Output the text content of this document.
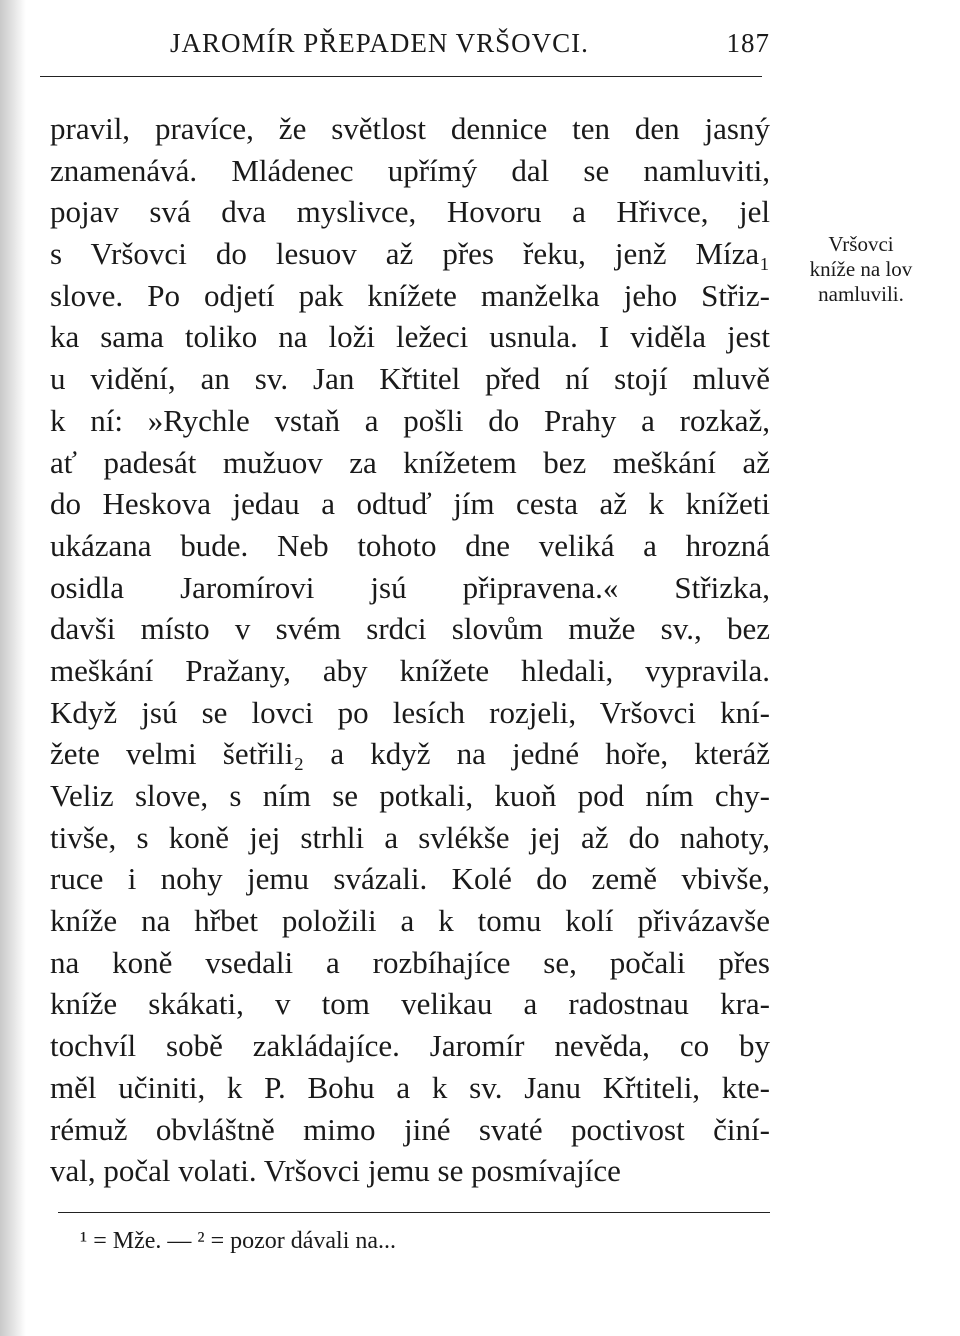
JAROMÍR PŘEPADEN VRŠOVCI.	187
pravil, pravíce, že světlost dennice ten den jasný
znamenává. Mládenec upřímý dal se namluviti,
pojav svá dva myslivce, Hovoru a Hřivce, jel
s Vršovci do lesuov až přes řeku, jenž Míza₁
slove. Po odjetí pak knížete manželka jeho Střiz-
ka sama toliko na loži ležeci usnula. I viděla jest
u vidění, an sv. Jan Křtitel před ní stojí mluvě
k ní: »Rychle vstaň a pošli do Prahy a rozkaž,
ať padesát mužuov za knížetem bez meškání až
do Heskova jedau a odtuď jím cesta až k knížeti
ukázana bude. Neb tohoto dne veliká a hrozná
osidla Jaromírovi jsú připravena.« Střizka,
davši místo v svém srdci slovům muže sv., bez
meškání Pražany, aby knížete hledali, vypravila.
Když jsú se lovci po lesích rozjeli, Vršovci kní-
žete velmi šetřili₂ a když na jedné hoře, kteráž
Veliz slove, s ním se potkali, kuoň pod ním chy-
tivše, s koně jej strhli a svlékše jej až do nahoty,
ruce i nohy jemu svázali. Kolé do země vbivše,
kníže na hřbet položili a k tomu kolí přivázavše
na koně vsedali a rozbíhajíce se, počali přes
kníže skákati, v tom velikau a radostnau kra-
tochvíl sobě zakládajíce. Jaromír nevěda, co by
měl učiniti, k P. Bohu a k sv. Janu Křtiteli, kte-
rémuž obvláštně mimo jiné svaté poctivost činí-
val, počal volati. Vršovci jemu se posmívajíce
Vršovci
kníže na lov
namluvili.
¹ = Mže. — ² = pozor dávali na...
